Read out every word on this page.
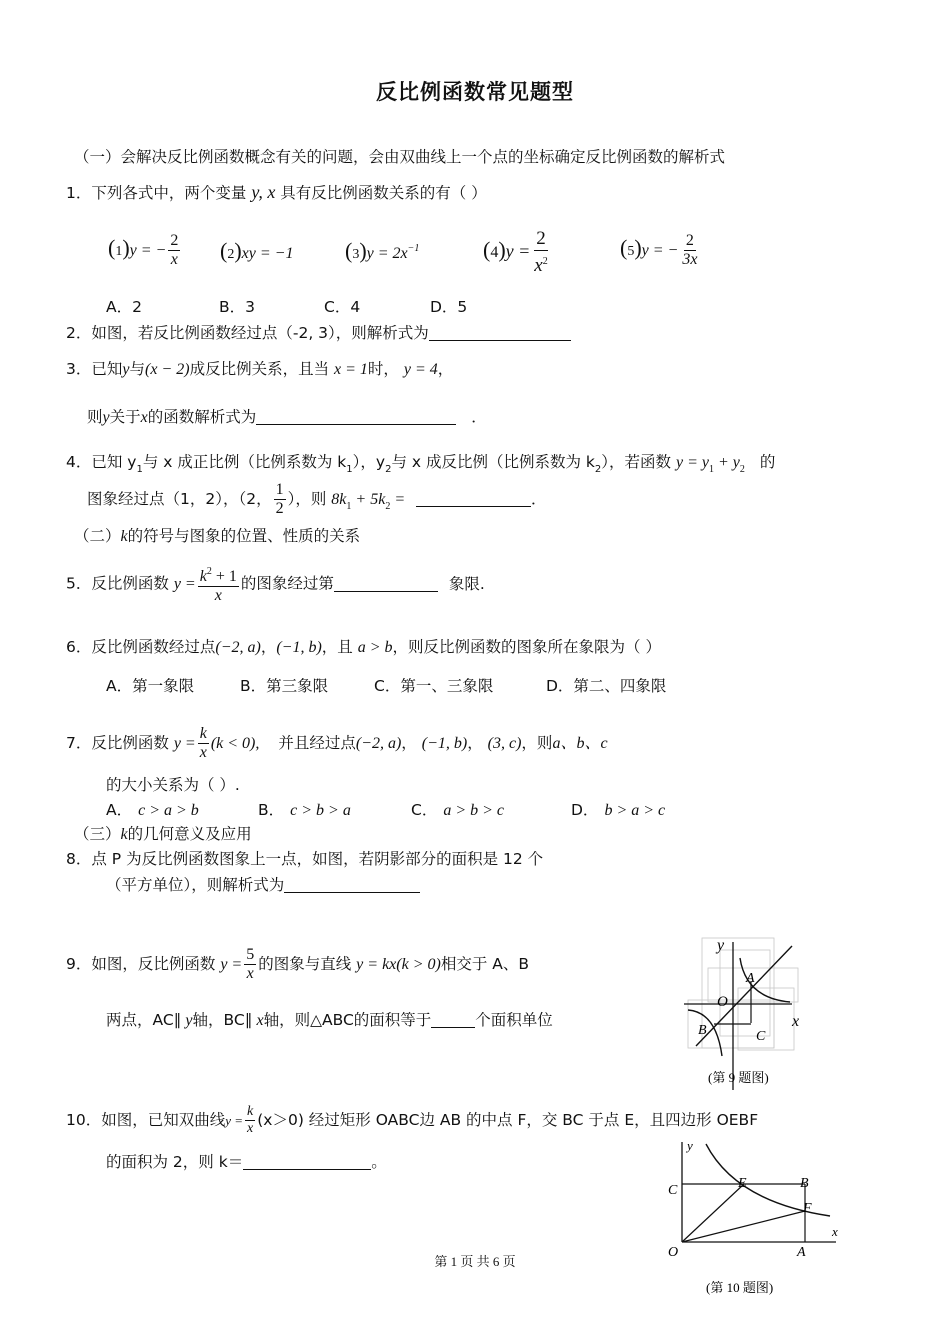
反比例函数常见题型
（一）会解决反比例函数概念有关的问题，会由双曲线上一个点的坐标确定反比例函数的解析式
1．下列各式中，两个变量 y, x 具有反比例函数关系的有（ ）
(1)y = − $\frac{2}{x} (2)xy = -1$ $(3)y = 2x^{-1}$	$(4)y = \frac{2}{x^2}$	(5)y = − $\frac{2}{3x}$
A．2	B．3	C．4	D．5
2．如图，若反比例函数经过点（-2, 3），则解析式为
3．已知y与(x − 2)成反比例关系，且当 x = 1时， y = 4，
则y关于x的函数解析式为	．
4．已知 $y_1$与 x 成正比例（比例系数为 $k_1$），$y_2$与 x 成反比例（比例系数为 $k_2$），若函数 $y = y_1 + y_2$ 的
图象经过点（1，2），（2， $\frac{1}{2}$ ），则 $8k_1 + 5k_2$ =	．
（二）k的符号与图象的位置、性质的关系
5．反比例函数 $y = \frac{k^2 + 1}{x}$ 的图象经过第	象限.
6．反比例函数经过点(−2, a)，(−1, b)，且 a > b，则反比例函数的图象所在象限为（ ）
A．第一象限	B．第三象限	C．第一、三象限	D．第二、四象限
7．反比例函数 $y = \frac{k}{x} (k < 0)$, 并且经过点(−2, a)， (−1, b)， (3, c)，则a、b、c
的大小关系为（ ）.
A． c > a > b	B． c > b > a	C． a > b > c	D． b > a > c
（三）k的几何意义及应用
8．点 P 为反比例函数图象上一点，如图，若阴影部分的面积是 12 个
（平方单位），则解析式为
9．如图，反比例函数 $y = \frac{5}{x}$ 的图象与直线 y = kx(k > 0)相交于 A、B
两点，AC∥ y轴，BC∥ x轴，则△ABC的面积等于	个面积单位
y
x
O
A
B	C
(第 9 题图)
10．如图，已知双曲线$y = \frac{k}{x} (x>0)$ 经过矩形 OABC边 AB 的中点 F，交 BC 于点 E，且四边形 OEBF
的面积为 2，则 k＝	。
y
x
O
C	E	B
F
A
(第 10 题图)
第 1 页 共 6 页
